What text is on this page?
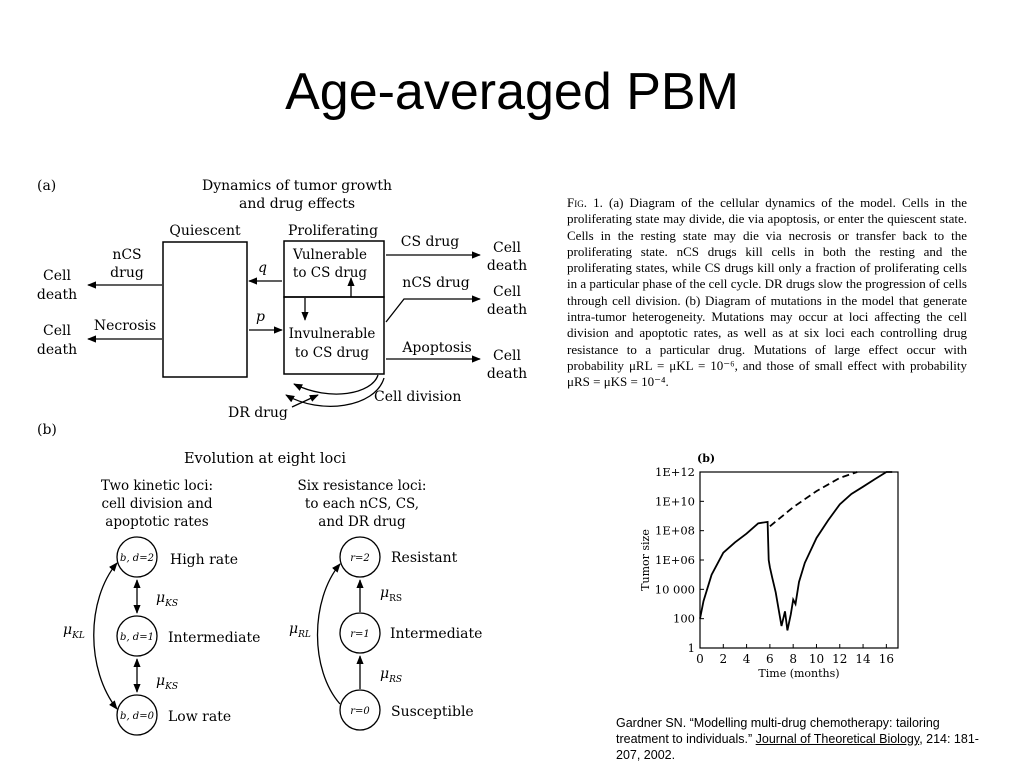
Age-averaged PBM
(a)	Dynamics of tumor growth
and drug effects
Quiescent	Proliferating
Vulnerable
to CS drug
Invulnerable
to CS drug
q
p
nCS
drug
Cell
death
Necrosis
Cell
death
CS drug Cell
death
nCS drug
Cell
death
Apoptosis Cell
death
Cell division
DR drug
(b)
Evolution at eight loci
Two kinetic loci:
cell division and
apoptotic rates
Six resistance loci:
to each nCS, CS,
and DR drug
b, d=2
b, d=1
b, d=0
High rate
Intermediate
Low rate
$\mu_{KS}$
$\mu_{KS}$
$\mu_{KL}$
r=2
r=1
r=0
Resistant
Intermediate
Susceptible
$\mu_{RS}$
$\mu_{RS}$
$\mu_{RL}$
(b)
Tumor size
Time (months)
0 2 4 6 8 10 12 14 16
1
100
10 000
1E+06
1E+08
1E+10
1E+12
Fig. 1. (a) Diagram of the cellular dynamics of the model. Cells in the proliferating state may divide, die via apoptosis, or enter the quiescent state. Cells in the resting state may die via necrosis or transfer back to the proliferating state. nCS drugs kill cells in both the resting and the proliferating states, while CS drugs kill only a fraction of proliferating cells in a particular phase of the cell cycle. DR drugs slow the progression of cells through cell division. (b) Diagram of mutations in the model that generate intra-tumor heterogeneity. Mutations may occur at loci affecting the cell division and apoptotic rates, as well as at six loci each controlling drug resistance to a particular drug. Mutations of large effect occur with probability μRL = μKL = 10⁻⁶, and those of small effect with probability μRS = μKS = 10⁻⁴.
Gardner SN. “Modelling multi-drug chemotherapy: tailoring treatment to individuals.” Journal of Theoretical Biology, 214: 181-207, 2002.
